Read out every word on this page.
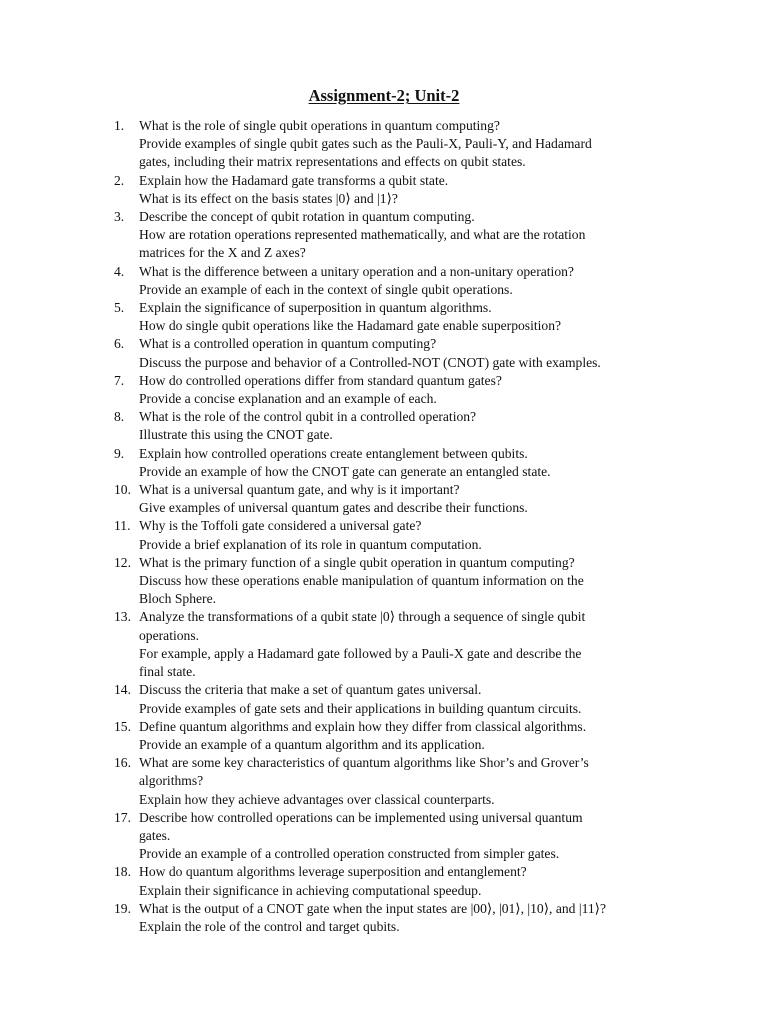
Assignment-2; Unit-2
1. What is the role of single qubit operations in quantum computing?
Provide examples of single qubit gates such as the Pauli-X, Pauli-Y, and Hadamard
gates, including their matrix representations and effects on qubit states.
2. Explain how the Hadamard gate transforms a qubit state.
What is its effect on the basis states |0⟩ and |1⟩?
3. Describe the concept of qubit rotation in quantum computing.
How are rotation operations represented mathematically, and what are the rotation
matrices for the X and Z axes?
4. What is the difference between a unitary operation and a non-unitary operation?
Provide an example of each in the context of single qubit operations.
5. Explain the significance of superposition in quantum algorithms.
How do single qubit operations like the Hadamard gate enable superposition?
6. What is a controlled operation in quantum computing?
Discuss the purpose and behavior of a Controlled-NOT (CNOT) gate with examples.
7. How do controlled operations differ from standard quantum gates?
Provide a concise explanation and an example of each.
8. What is the role of the control qubit in a controlled operation?
Illustrate this using the CNOT gate.
9. Explain how controlled operations create entanglement between qubits.
Provide an example of how the CNOT gate can generate an entangled state.
10. What is a universal quantum gate, and why is it important?
Give examples of universal quantum gates and describe their functions.
11. Why is the Toffoli gate considered a universal gate?
Provide a brief explanation of its role in quantum computation.
12. What is the primary function of a single qubit operation in quantum computing?
Discuss how these operations enable manipulation of quantum information on the
Bloch Sphere.
13. Analyze the transformations of a qubit state |0⟩ through a sequence of single qubit
operations.
For example, apply a Hadamard gate followed by a Pauli-X gate and describe the
final state.
14. Discuss the criteria that make a set of quantum gates universal.
Provide examples of gate sets and their applications in building quantum circuits.
15. Define quantum algorithms and explain how they differ from classical algorithms.
Provide an example of a quantum algorithm and its application.
16. What are some key characteristics of quantum algorithms like Shor’s and Grover’s
algorithms?
Explain how they achieve advantages over classical counterparts.
17. Describe how controlled operations can be implemented using universal quantum
gates.
Provide an example of a controlled operation constructed from simpler gates.
18. How do quantum algorithms leverage superposition and entanglement?
Explain their significance in achieving computational speedup.
19. What is the output of a CNOT gate when the input states are |00⟩, |01⟩, |10⟩, and |11⟩?
Explain the role of the control and target qubits.
